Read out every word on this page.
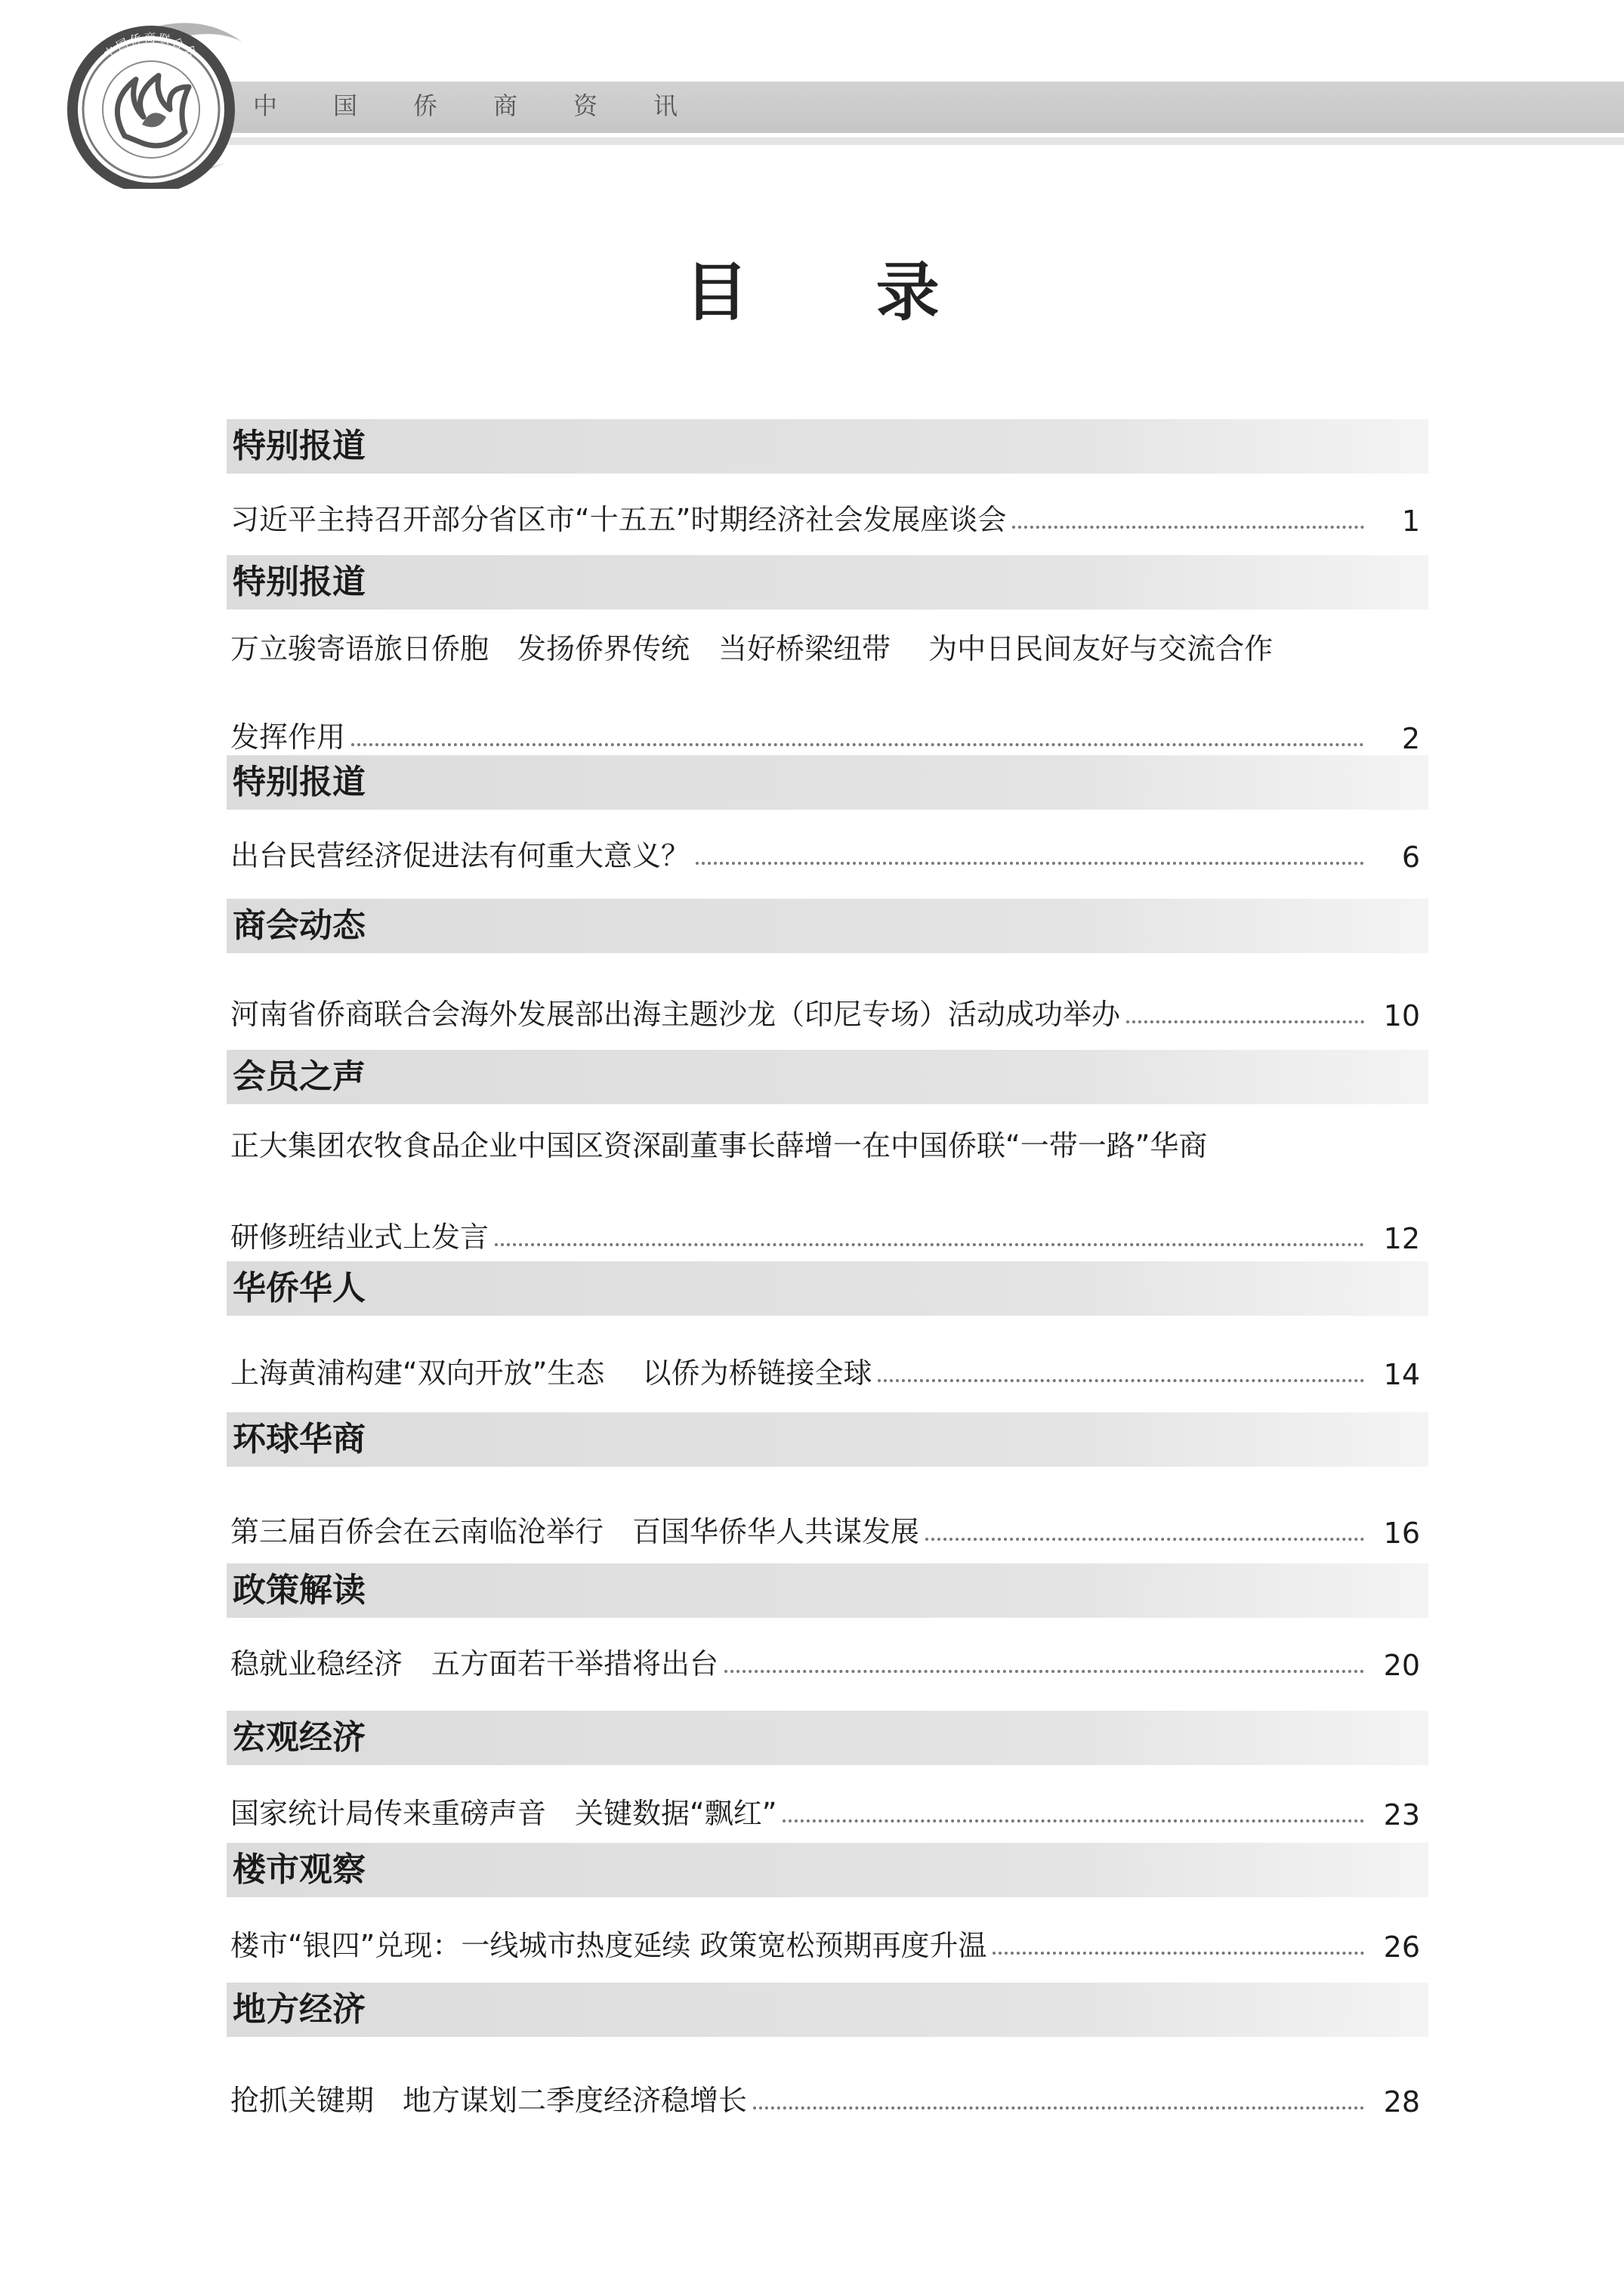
中国侨商资讯
中国侨商联合会
目 录
特别报道
习近平主持召开部分省区市“十五五”时期经济社会发展座谈会	1
特别报道
万立骏寄语旅日侨胞　发扬侨界传统　当好桥梁纽带　 为中日民间友好与交流合作
发挥作用	2
特别报道
出台民营经济促进法有何重大意义？	6
商会动态
河南省侨商联合会海外发展部出海主题沙龙（印尼专场）活动成功举办	10
会员之声
正大集团农牧食品企业中国区资深副董事长薛增一在中国侨联“一带一路”华商
研修班结业式上发言	12
华侨华人
上海黄浦构建“双向开放”生态　 以侨为桥链接全球	14
环球华商
第三届百侨会在云南临沧举行　百国华侨华人共谋发展	16
政策解读
稳就业稳经济　五方面若干举措将出台	20
宏观经济
国家统计局传来重磅声音　关键数据“飘红”	23
楼市观察
楼市“银四”兑现：一线城市热度延续 政策宽松预期再度升温	26
地方经济
抢抓关键期　地方谋划二季度经济稳增长	28
